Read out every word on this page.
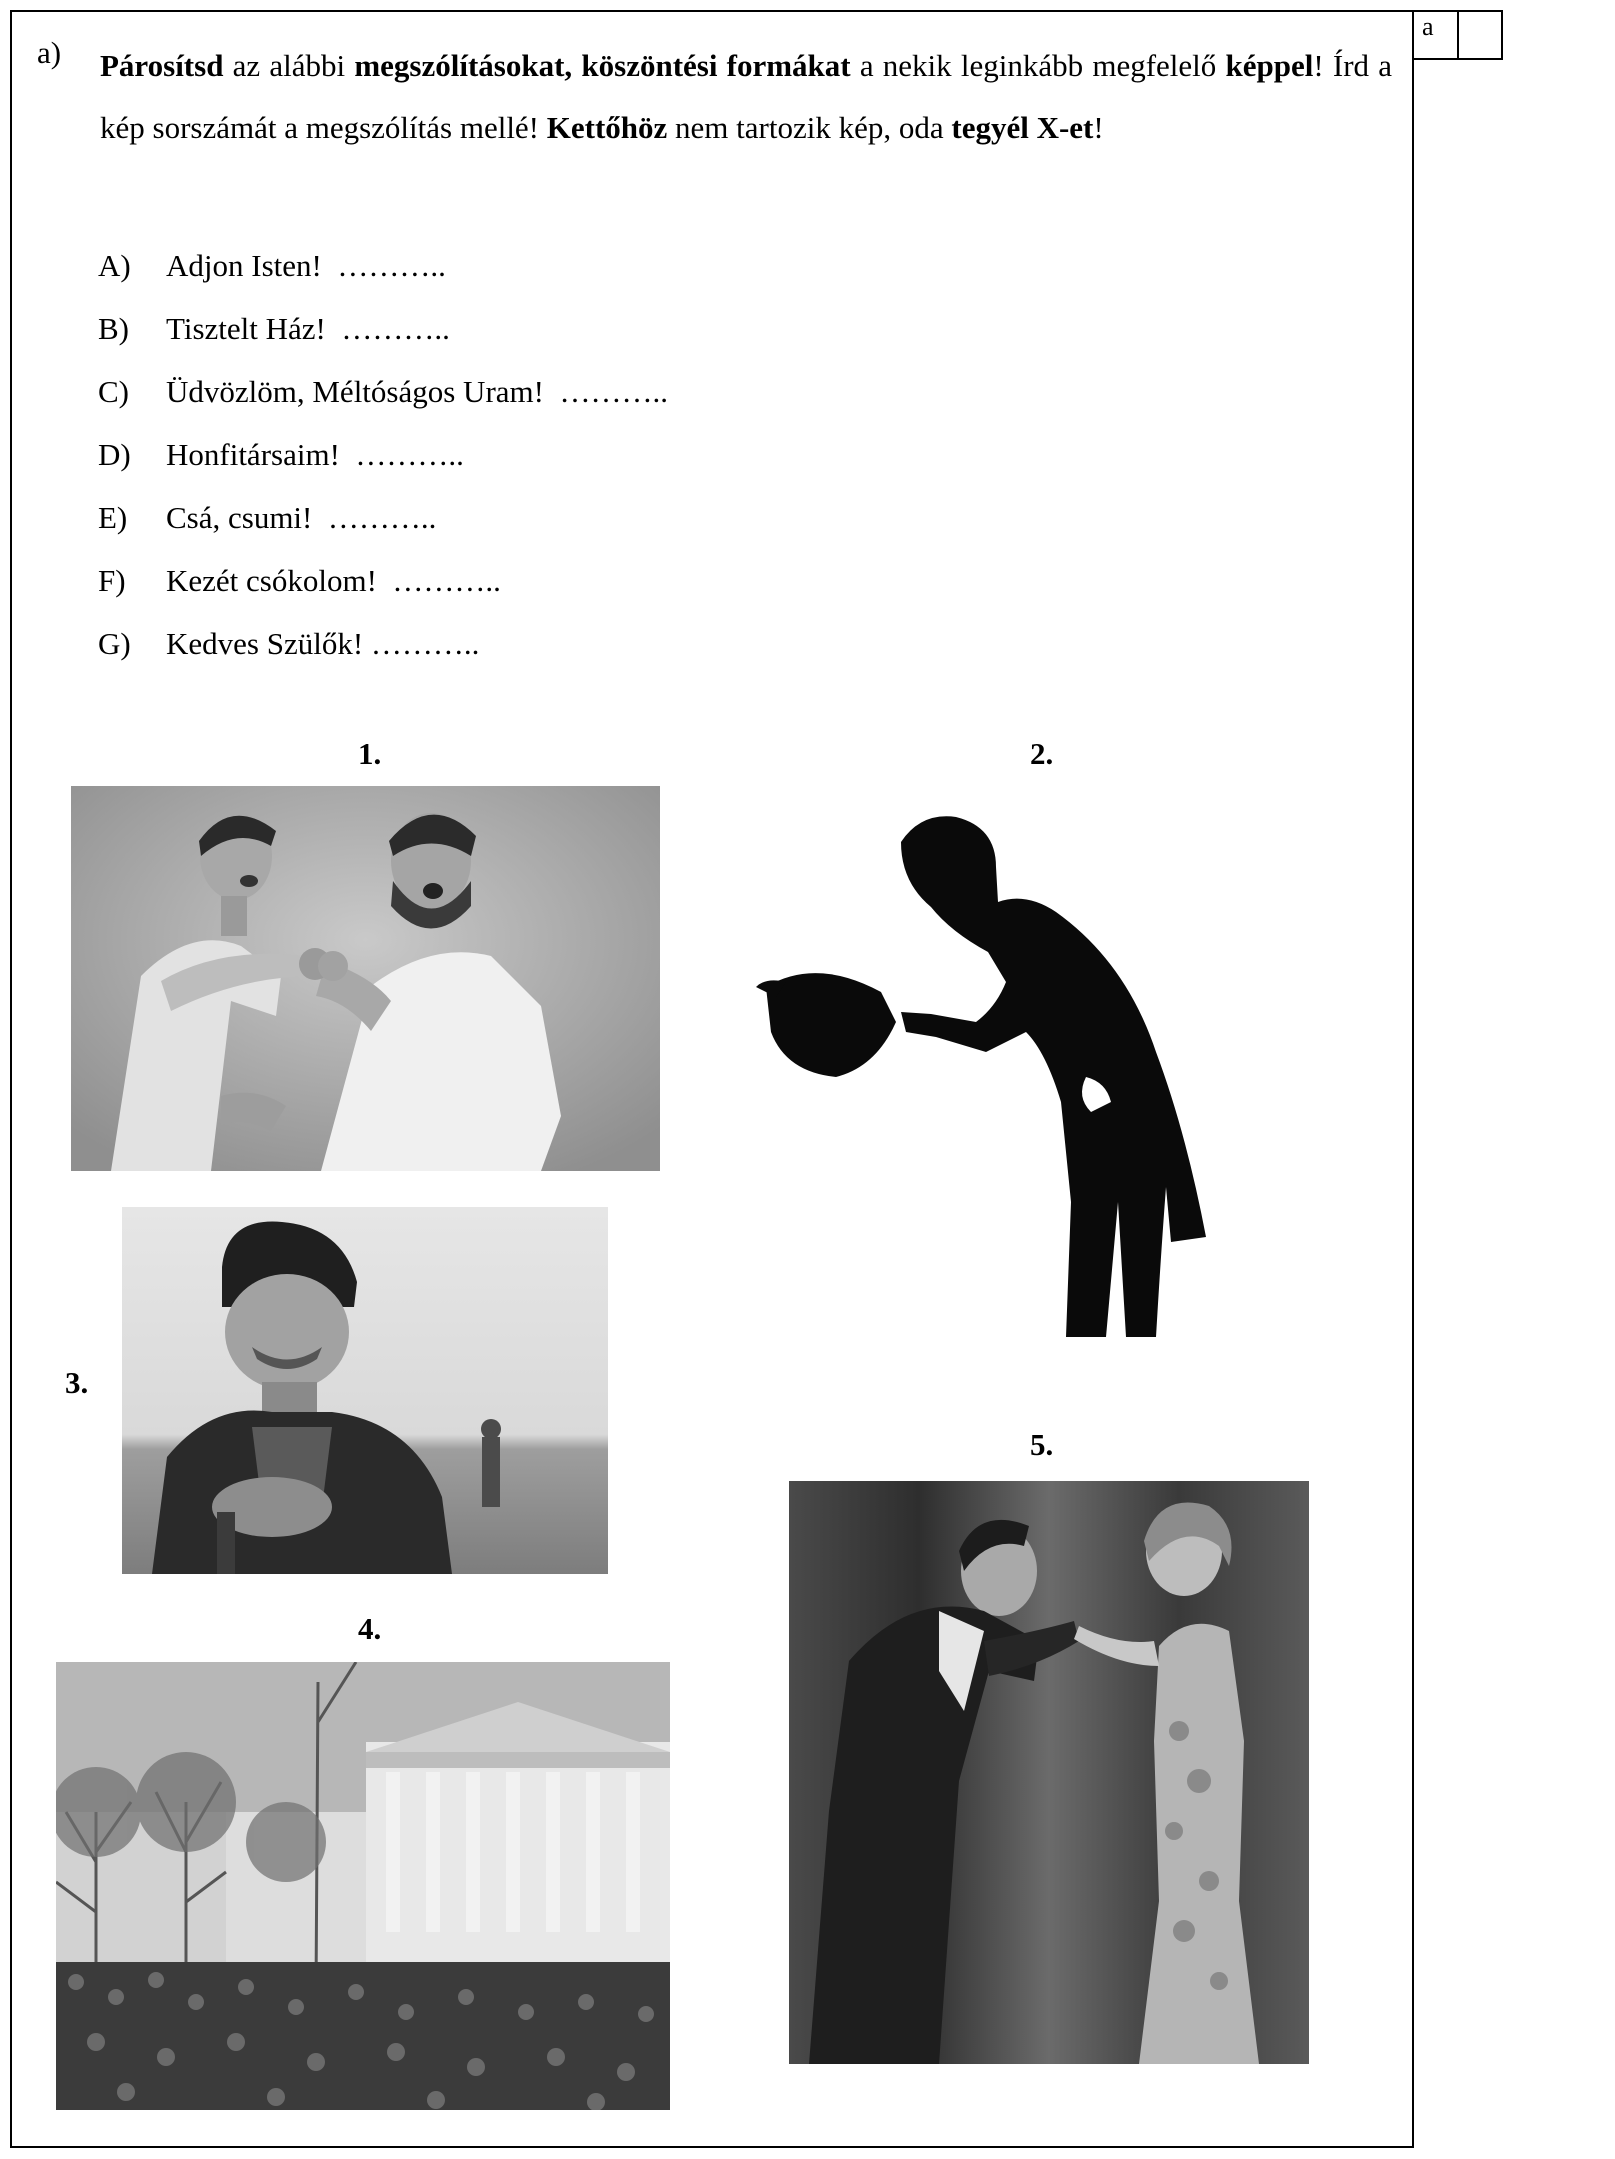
a
a) Párosítsd az alábbi megszólításokat, köszöntési formákat a nekik leginkább megfelelő képpel! Írd a kép sorszámát a megszólítás mellé! Kettőhöz nem tartozik kép, oda tegyél X-et!
A)	Adjon Isten! ………..
B)	Tisztelt Ház! ………..
C)	Üdvözlöm, Méltóságos Uram! ………..
D)	Honfitársaim! ………..
E)	Csá, csumi! ………..
F)	Kezét csókolom! ………..
G)	Kedves Szülők! ………..
1.	2.
3.
4.
5.
